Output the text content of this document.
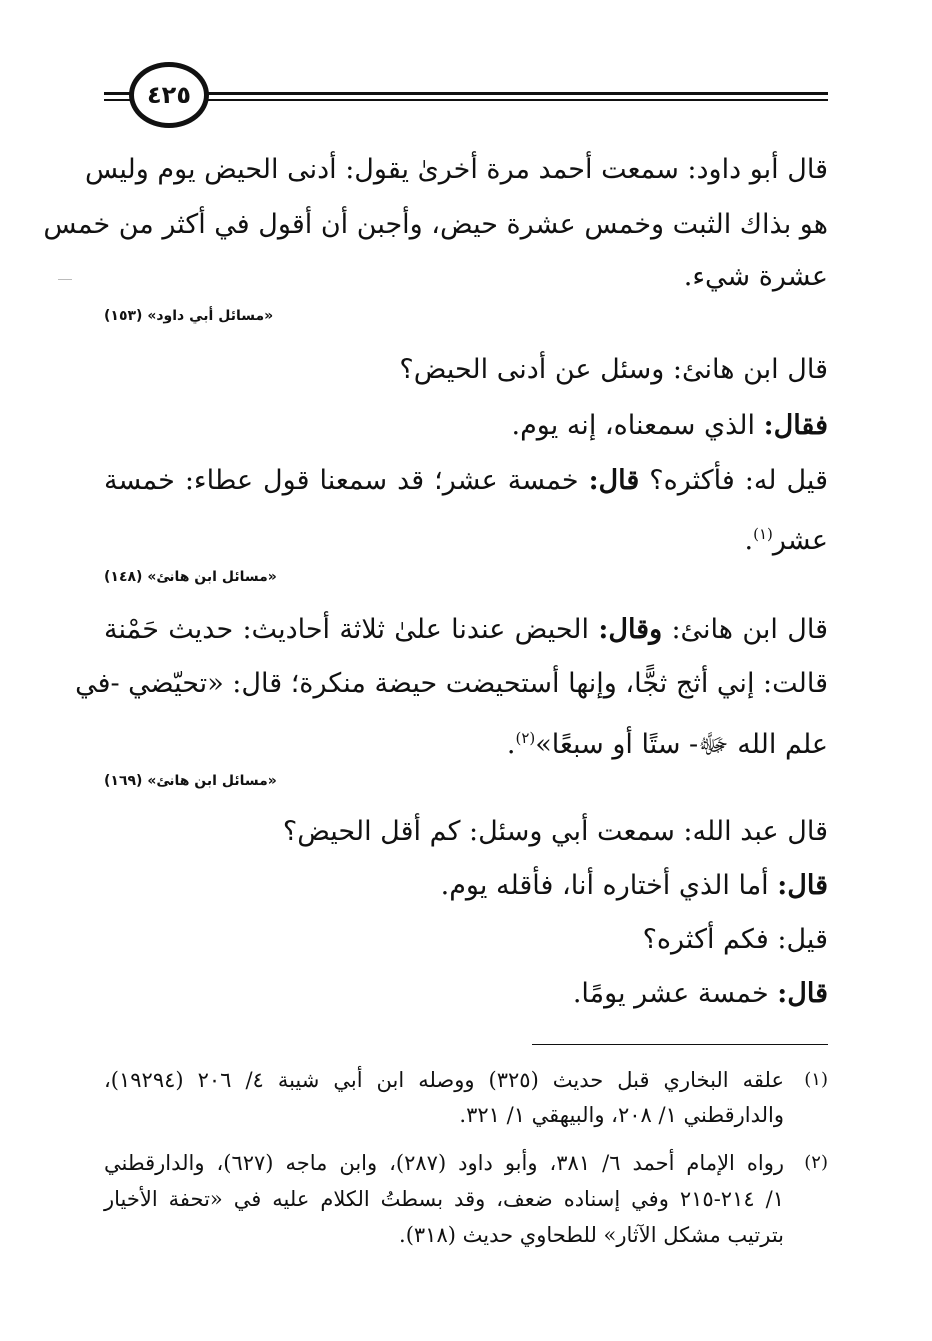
٤٢٥
قال أبو داود: سمعت أحمد مرة أخرىٰ يقول: أدنى الحيض يوم وليس
هو بذاك الثبت وخمس عشرة حيض، وأجبن أن أقول في أكثر من خمس
عشرة شيء.
«مسائل أبي داود» (١٥٣)
قال ابن هانئ: وسئل عن أدنى الحيض؟
فقال: الذي سمعناه، إنه يوم.
قيل له: فأكثره؟ قال: خمسة عشر؛ قد سمعنا قول عطاء: خمسة
عشر$^{(١)}$.
«مسائل ابن هانئ» (١٤٨)
قال ابن هانئ: وقال: الحيض عندنا علىٰ ثلاثة أحاديث: حديث حَمْنة
قالت: إني أثج ثجًّا، وإنها أستحيضت حيضة منكرة؛ قال: «تحيّضي -في
علم الله ﷻ- ستًا أو سبعًا»$^{(٢)}$.
«مسائل ابن هانئ» (١٦٩)
قال عبد الله: سمعت أبي وسئل: كم أقل الحيض؟
قال: أما الذي أختاره أنا، فأقله يوم.
قيل: فكم أكثره؟
قال: خمسة عشر يومًا.
(١)
علقه البخاري قبل حديث (٣٢٥) ووصله ابن أبي شيبة ٤/ ٢٠٦ (١٩٢٩٤)،
والدارقطني ١/ ٢٠٨، والبيهقي ١/ ٣٢١.
(٢)
رواه الإمام أحمد ٦/ ٣٨١، وأبو داود (٢٨٧)، وابن ماجه (٦٢٧)، والدارقطني
١/ ٢١٤-٢١٥ وفي إسناده ضعف، وقد بسطتُ الكلام عليه في «تحفة الأخيار
بترتيب مشكل الآثار» للطحاوي حديث (٣١٨).
